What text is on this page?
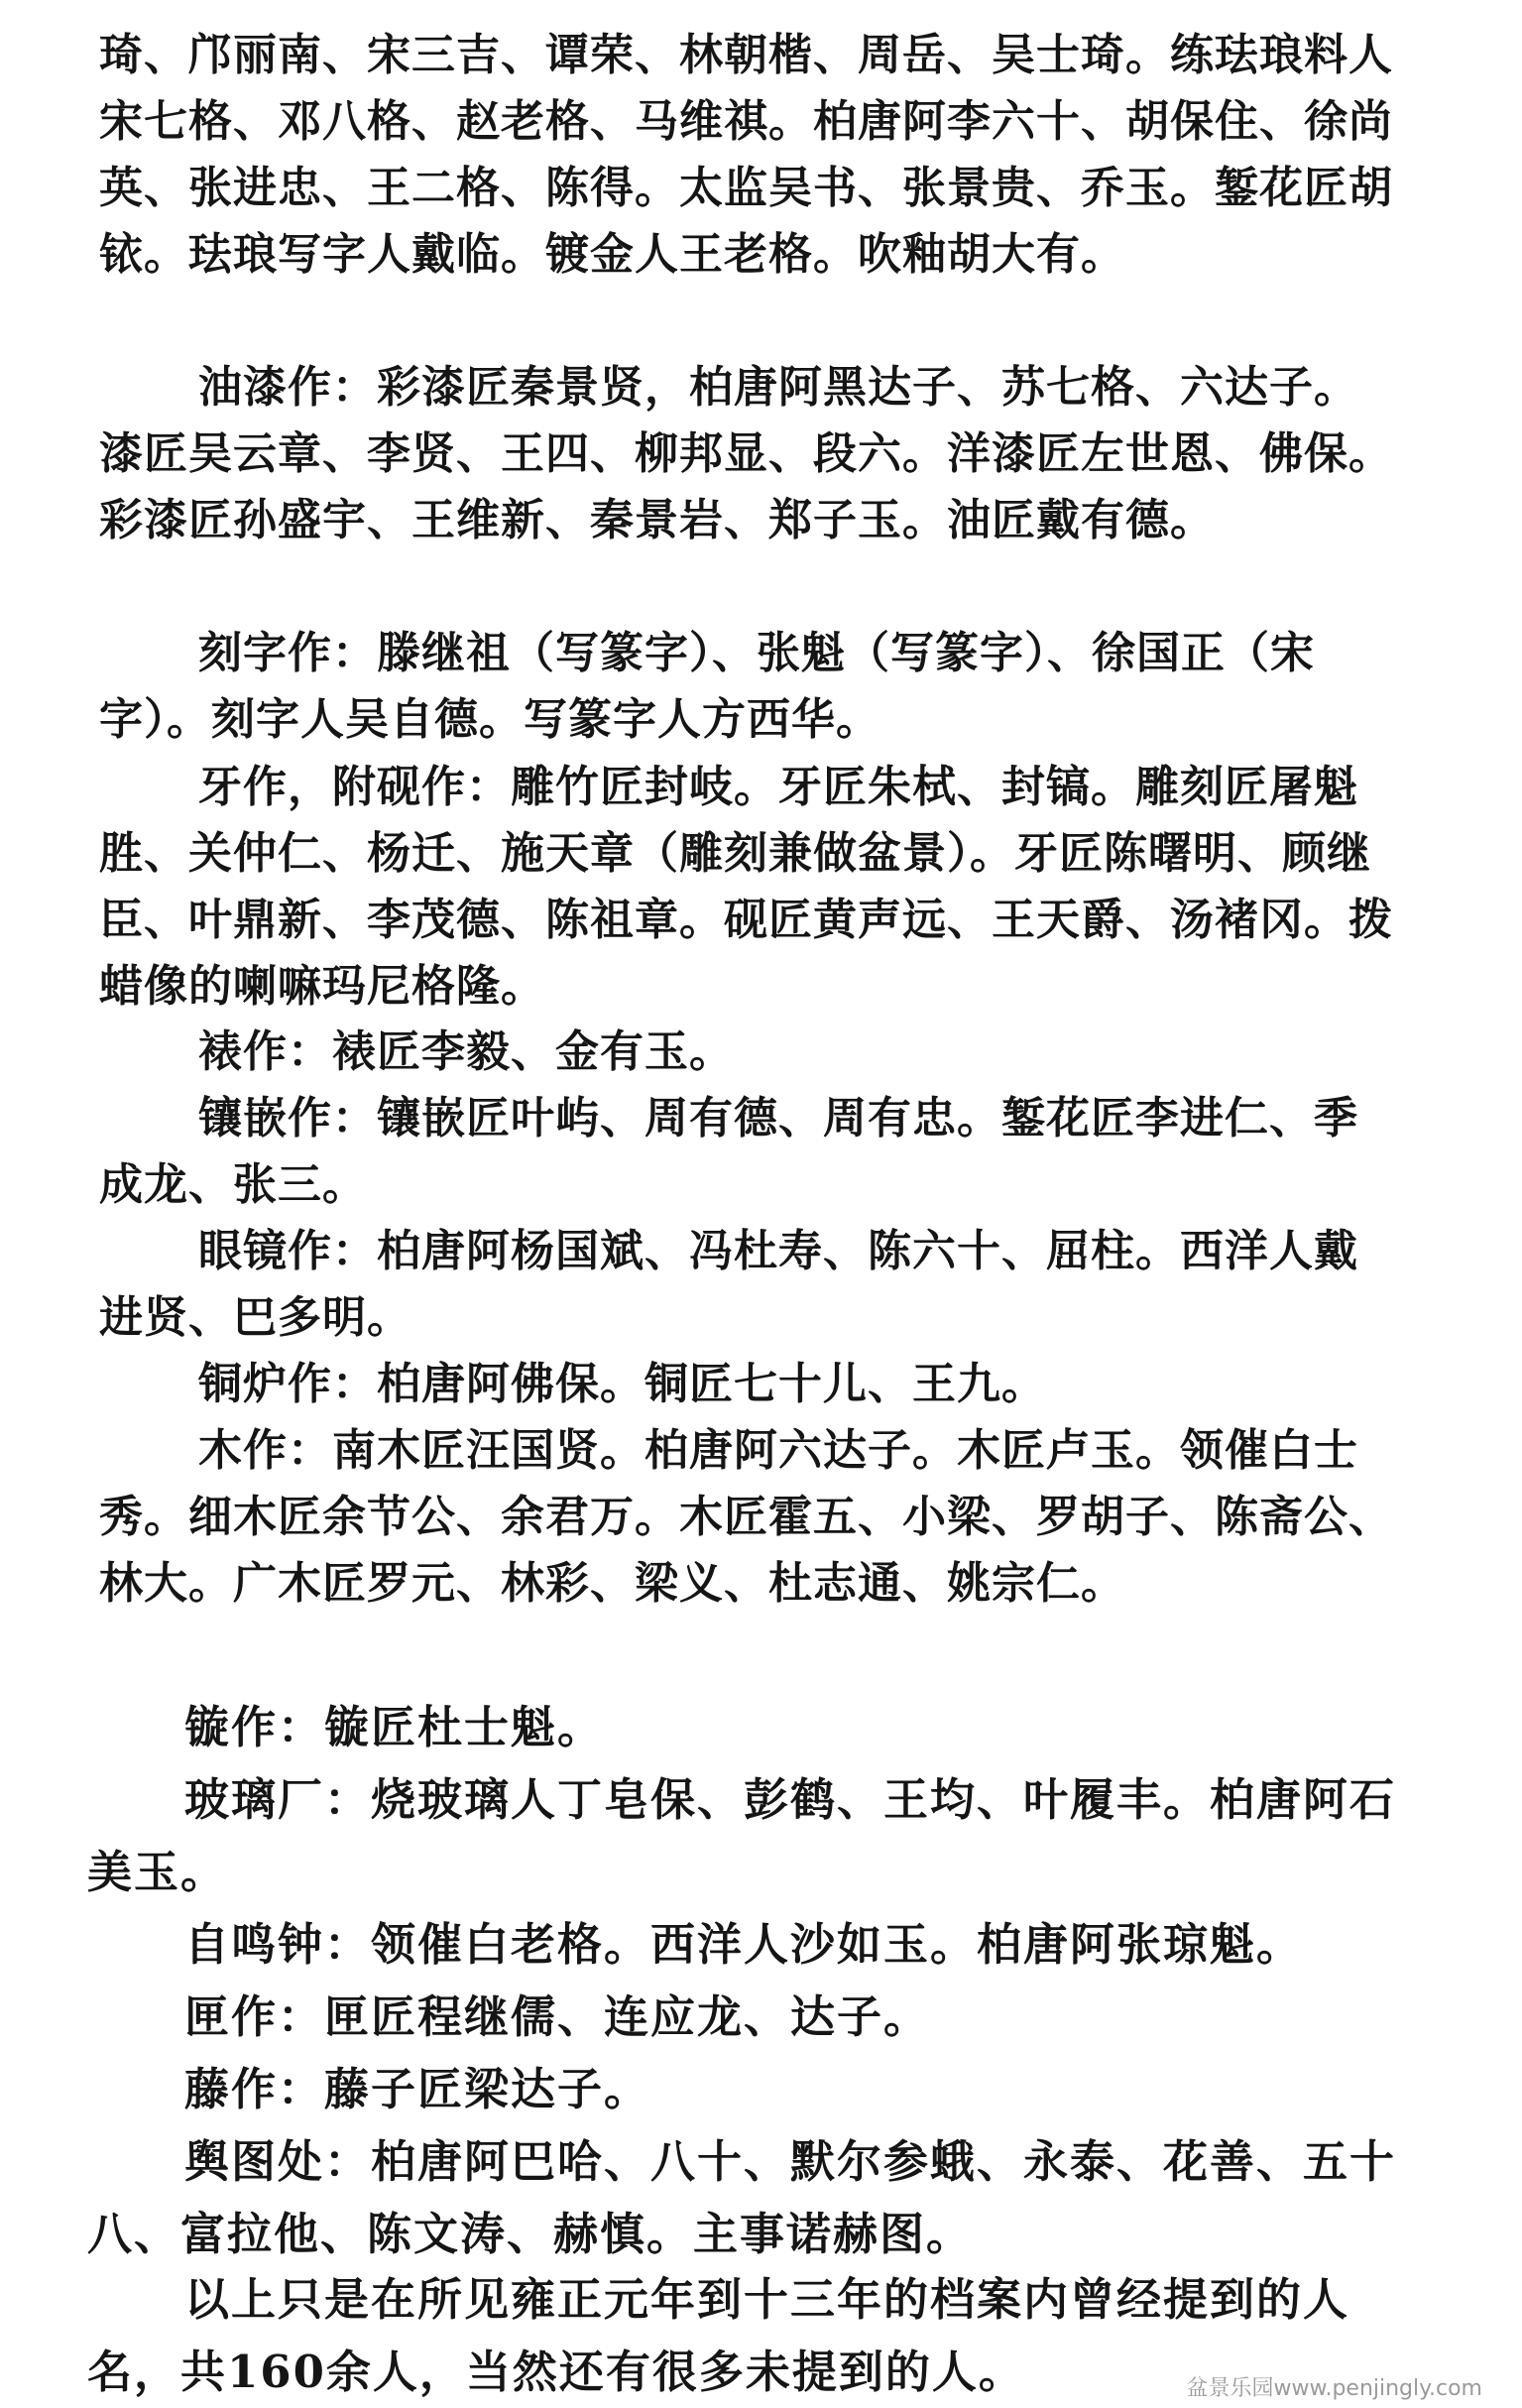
琦、邝丽南、宋三吉、谭荣、林朝楷、周岳、吴士琦。练珐琅料人宋七格、邓八格、赵老格、马维祺。柏唐阿李六十、胡保住、徐尚英、张进忠、王二格、陈得。太监吴书、张景贵、乔玉。錾花匠胡铱。珐琅写字人戴临。镀金人王老格。吹釉胡大有。

油漆作：彩漆匠秦景贤，柏唐阿黑达子、苏七格、六达子。漆匠吴云章、李贤、王四、柳邦显、段六。洋漆匠左世恩、佛保。彩漆匠孙盛宇、王维新、秦景岩、郑子玉。油匠戴有德。

刻字作：滕继祖（写篆字）、张魁（写篆字）、徐国正（宋字）。刻字人吴自德。写篆字人方西华。

牙作，附砚作：雕竹匠封岐。牙匠朱栻、封镐。雕刻匠屠魁胜、关仲仁、杨迁、施天章（雕刻兼做盆景）。牙匠陈曙明、顾继臣、叶鼎新、李茂德、陈祖章。砚匠黄声远、王天爵、汤褚冈。拨蜡像的喇嘛玛尼格隆。

裱作：裱匠李毅、金有玉。

镶嵌作：镶嵌匠叶屿、周有德、周有忠。錾花匠李进仁、季成龙、张三。

眼镜作：柏唐阿杨国斌、冯杜寿、陈六十、屈柱。西洋人戴进贤、巴多明。

铜炉作：柏唐阿佛保。铜匠七十儿、王九。

木作：南木匠汪国贤。柏唐阿六达子。木匠卢玉。领催白士秀。细木匠余节公、余君万。木匠霍五、小梁、罗胡子、陈斋公、林大。广木匠罗元、林彩、梁义、杜志通、姚宗仁。

镟作：镟匠杜士魁。

玻璃厂：烧玻璃人丁皂保、彭鹤、王均、叶履丰。柏唐阿石美玉。

自鸣钟：领催白老格。西洋人沙如玉。柏唐阿张琼魁。

匣作：匣匠程继儒、连应龙、达子。

藤作：藤子匠梁达子。

舆图处：柏唐阿巴哈、八十、默尔参蛾、永泰、花善、五十八、富拉他、陈文涛、赫慎。主事诺赫图。

以上只是在所见雍正元年到十三年的档案内曾经提到的人名，共160余人，当然还有很多未提到的人。	盆景乐园www.penjingly.com
